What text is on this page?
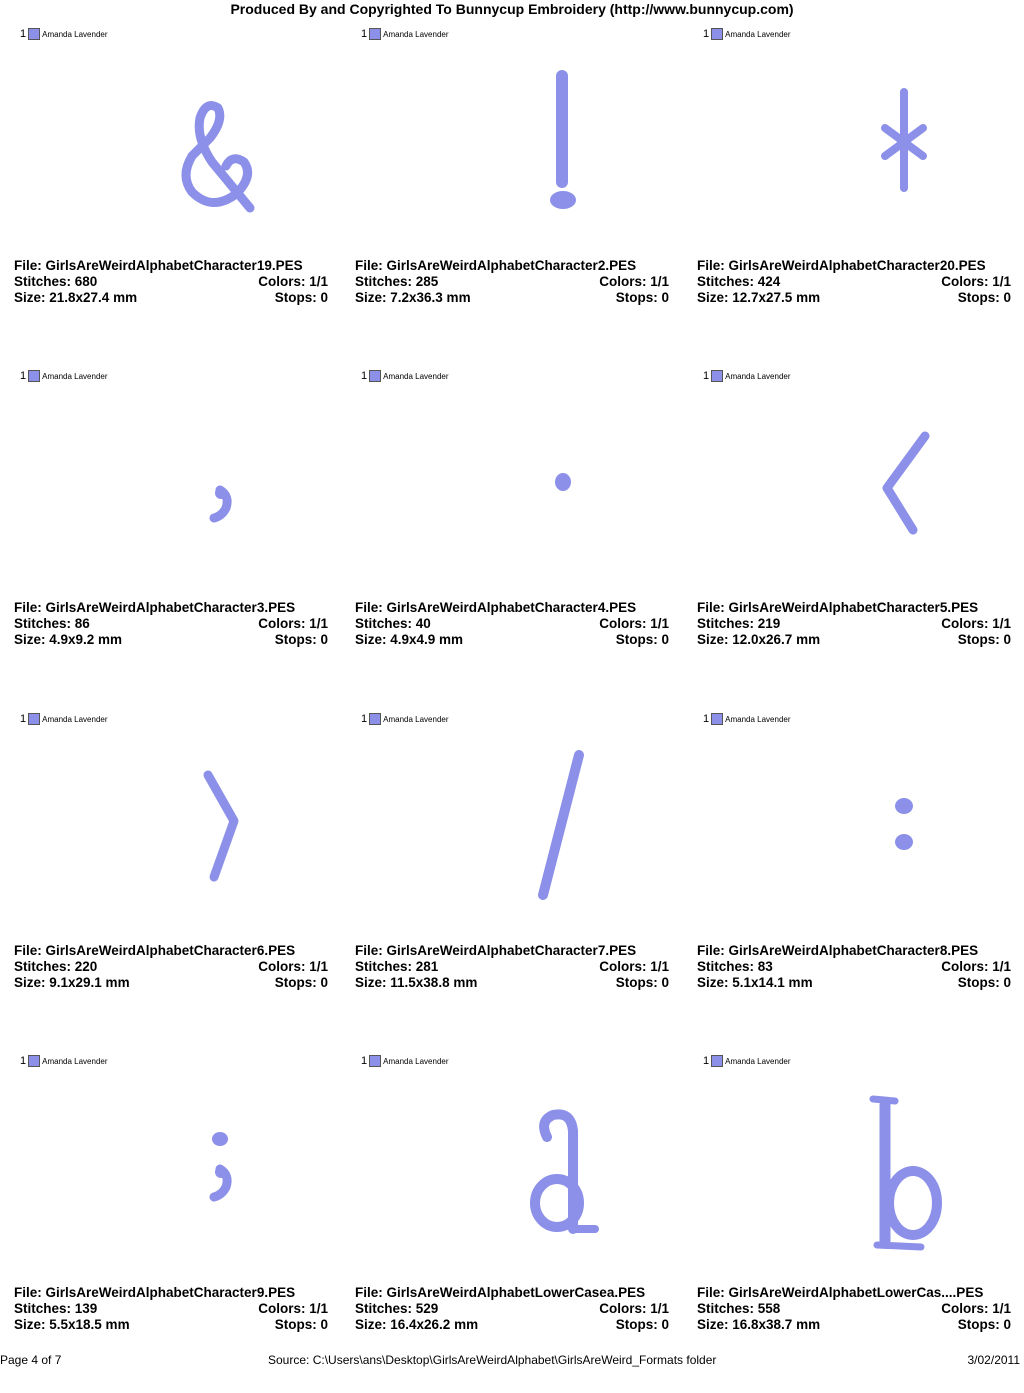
Produced By and Copyrighted To Bunnycup Embroidery (http://www.bunnycup.com)
1 Amanda Lavender
File: GirlsAreWeirdAlphabetCharacter19.PES
Stitches: 680	Colors: 1/1
Size: 21.8x27.4 mm	Stops: 0
1 Amanda Lavender
File: GirlsAreWeirdAlphabetCharacter2.PES
Stitches: 285	Colors: 1/1
Size: 7.2x36.3 mm	Stops: 0
1 Amanda Lavender
File: GirlsAreWeirdAlphabetCharacter20.PES
Stitches: 424	Colors: 1/1
Size: 12.7x27.5 mm	Stops: 0
1 Amanda Lavender
File: GirlsAreWeirdAlphabetCharacter3.PES
Stitches: 86	Colors: 1/1
Size: 4.9x9.2 mm	Stops: 0
1 Amanda Lavender
File: GirlsAreWeirdAlphabetCharacter4.PES
Stitches: 40	Colors: 1/1
Size: 4.9x4.9 mm	Stops: 0
1 Amanda Lavender
File: GirlsAreWeirdAlphabetCharacter5.PES
Stitches: 219	Colors: 1/1
Size: 12.0x26.7 mm	Stops: 0
1 Amanda Lavender
File: GirlsAreWeirdAlphabetCharacter6.PES
Stitches: 220	Colors: 1/1
Size: 9.1x29.1 mm	Stops: 0
1 Amanda Lavender
File: GirlsAreWeirdAlphabetCharacter7.PES
Stitches: 281	Colors: 1/1
Size: 11.5x38.8 mm	Stops: 0
1 Amanda Lavender
File: GirlsAreWeirdAlphabetCharacter8.PES
Stitches: 83	Colors: 1/1
Size: 5.1x14.1 mm	Stops: 0
1 Amanda Lavender
File: GirlsAreWeirdAlphabetCharacter9.PES
Stitches: 139	Colors: 1/1
Size: 5.5x18.5 mm	Stops: 0
1 Amanda Lavender
File: GirlsAreWeirdAlphabetLowerCasea.PES
Stitches: 529	Colors: 1/1
Size: 16.4x26.2 mm	Stops: 0
1 Amanda Lavender
File: GirlsAreWeirdAlphabetLowerCas....PES
Stitches: 558	Colors: 1/1
Size: 16.8x38.7 mm	Stops: 0
Page 4 of 7	Source: C:\Users\ans\Desktop\GirlsAreWeirdAlphabet\GirlsAreWeird_Formats folder	3/02/2011
